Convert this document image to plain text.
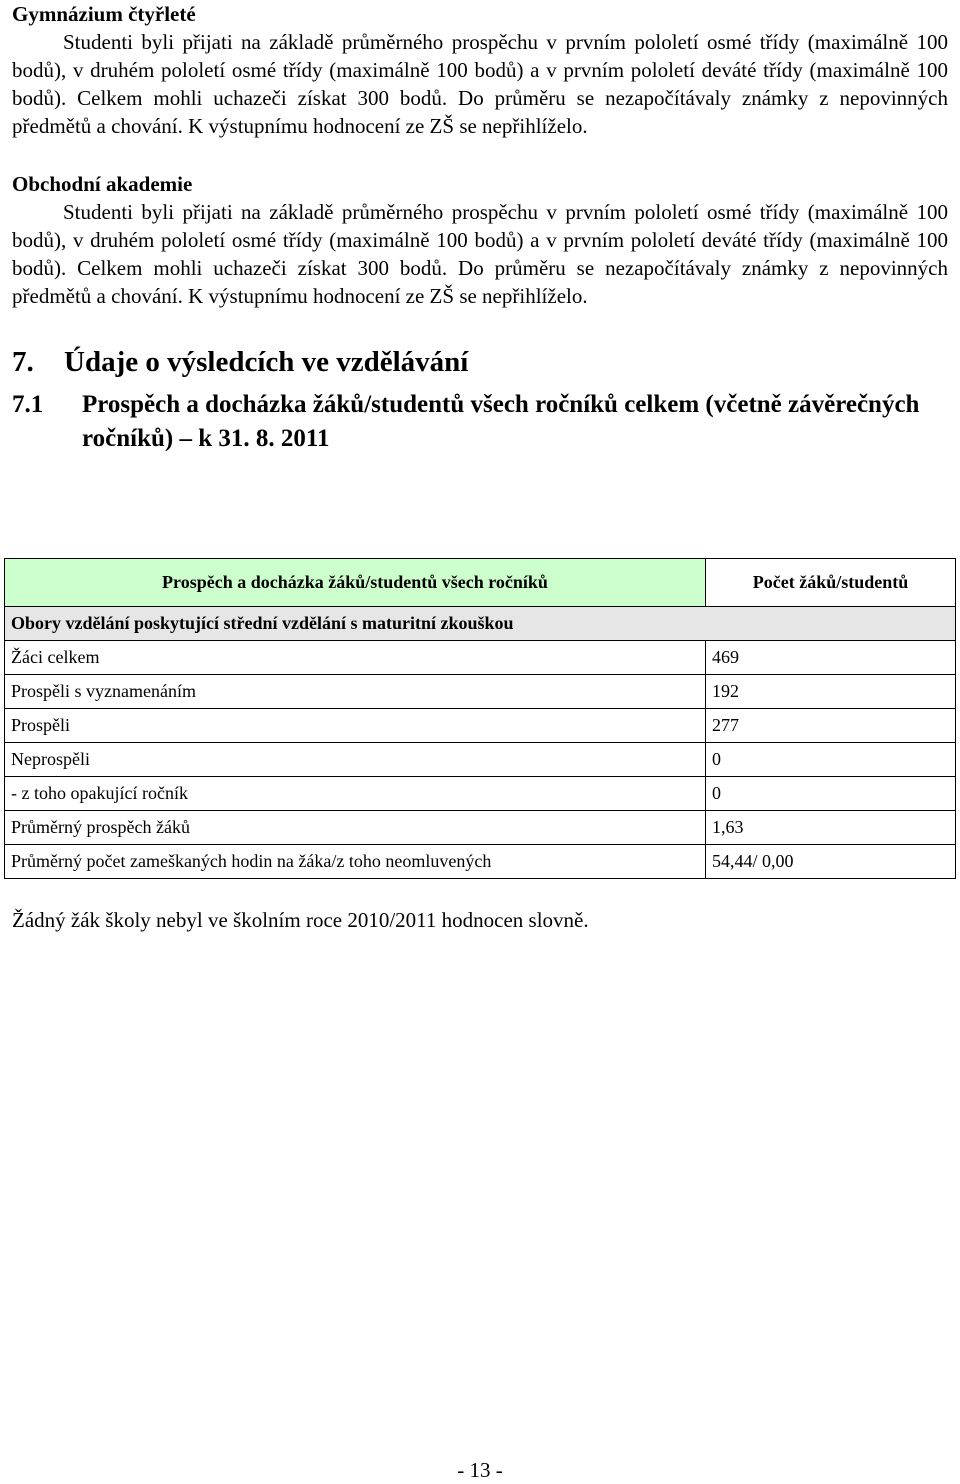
Gymnázium čtyřleté

Studenti byli přijati na základě průměrného prospěchu v prvním pololetí osmé třídy (maximálně 100 bodů), v druhém pololetí osmé třídy (maximálně 100 bodů) a v prvním pololetí deváté třídy (maximálně 100 bodů). Celkem mohli uchazeči získat 300 bodů. Do průměru se nezapočítávaly známky z nepovinných předmětů a chování. K výstupnímu hodnocení ze ZŠ se nepřihlíželo.

Obchodní akademie

Studenti byli přijati na základě průměrného prospěchu v prvním pololetí osmé třídy (maximálně 100 bodů), v druhém pololetí osmé třídy (maximálně 100 bodů) a v prvním pololetí deváté třídy (maximálně 100 bodů). Celkem mohli uchazeči získat 300 bodů. Do průměru se nezapočítávaly známky z nepovinných předmětů a chování. K výstupnímu hodnocení ze ZŠ se nepřihlíželo.

7.	Údaje o výsledcích ve vzdělávání
7.1	Prospěch a docházka žáků/studentů všech ročníků celkem (včetně závěrečných ročníků) – k 31. 8. 2011
Prospěch a docházka žáků/studentů všech ročníků	Počet žáků/studentů
Obory vzdělání poskytující střední vzdělání s maturitní zkouškou	
Žáci celkem	469
Prospěli s vyznamenáním	192
Prospěli	277
Neprospěli	0
- z toho opakující ročník	0
Průměrný prospěch žáků	1,63
Průměrný počet zameškaných hodin na žáka/z toho neomluvených	54,44/ 0,00

Žádný žák školy nebyl ve školním roce 2010/2011 hodnocen slovně.

- 13 -
